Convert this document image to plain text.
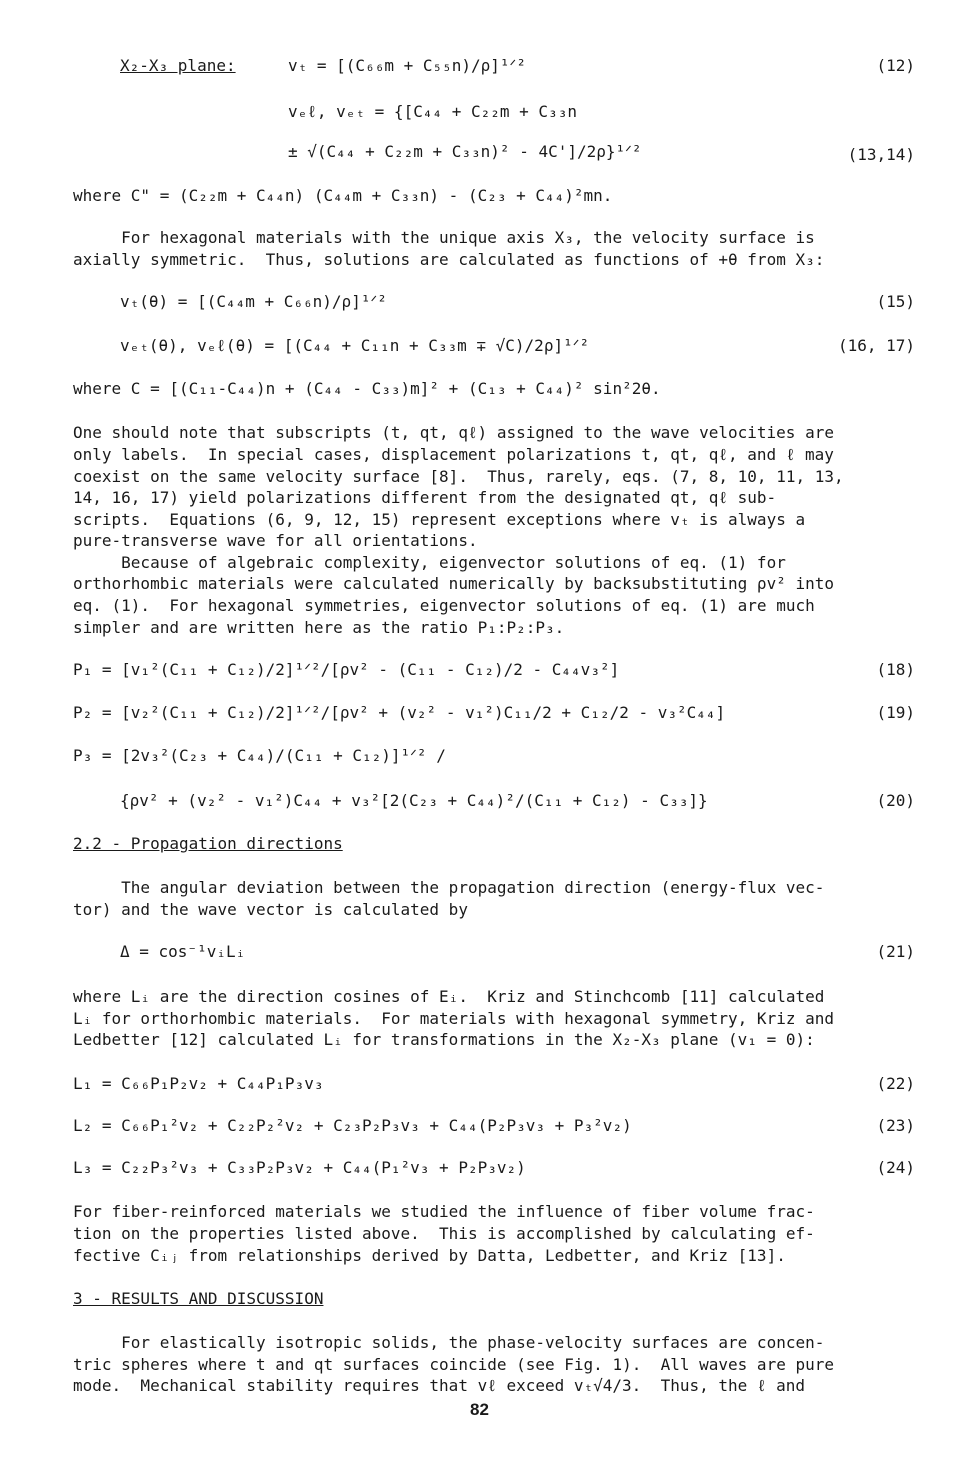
X₂-X₃ plane:	vₜ = [(C₆₆m + C₅₅n)/ρ]¹ᐟ²	(12)
vₑℓ, vₑₜ = {[C₄₄ + C₂₂m + C₃₃n
± √(C₄₄ + C₂₂m + C₃₃n)² - 4C']/2ρ}¹ᐟ²	(13,14)
where C" = (C₂₂m + C₄₄n) (C₄₄m + C₃₃n) - (C₂₃ + C₄₄)²mn.
For hexagonal materials with the unique axis X₃, the velocity surface is
axially symmetric.  Thus, solutions are calculated as functions of +θ from X₃:
vₜ(θ) = [(C₄₄m + C₆₆n)/ρ]¹ᐟ²	(15)
vₑₜ(θ), vₑℓ(θ) = [(C₄₄ + C₁₁n + C₃₃m ∓ √C)/2ρ]¹ᐟ²	(16, 17)
where C = [(C₁₁-C₄₄)n + (C₄₄ - C₃₃)m]² + (C₁₃ + C₄₄)² sin²2θ.
One should note that subscripts (t, qt, qℓ) assigned to the wave velocities are
only labels.  In special cases, displacement polarizations t, qt, qℓ, and ℓ may
coexist on the same velocity surface [8].  Thus, rarely, eqs. (7, 8, 10, 11, 13,
14, 16, 17) yield polarizations different from the designated qt, qℓ sub-
scripts.  Equations (6, 9, 12, 15) represent exceptions where vₜ is always a
pure-transverse wave for all orientations.
Because of algebraic complexity, eigenvector solutions of eq. (1) for
orthorhombic materials were calculated numerically by backsubstituting ρv² into
eq. (1).  For hexagonal symmetries, eigenvector solutions of eq. (1) are much
simpler and are written here as the ratio P₁:P₂:P₃.
P₁ = [v₁²(C₁₁ + C₁₂)/2]¹ᐟ²/[ρv² - (C₁₁ - C₁₂)/2 - C₄₄v₃²]	(18)
P₂ = [v₂²(C₁₁ + C₁₂)/2]¹ᐟ²/[ρv² + (v₂² - v₁²)C₁₁/2 + C₁₂/2 - v₃²C₄₄]	(19)
P₃ = [2v₃²(C₂₃ + C₄₄)/(C₁₁ + C₁₂)]¹ᐟ² /
{ρv² + (v₂² - v₁²)C₄₄ + v₃²[2(C₂₃ + C₄₄)²/(C₁₁ + C₁₂) - C₃₃]}	(20)
2.2 - Propagation directions
The angular deviation between the propagation direction (energy-flux vec-
tor) and the wave vector is calculated by
Δ = cos⁻¹vᵢLᵢ	(21)
where Lᵢ are the direction cosines of Eᵢ.  Kriz and Stinchcomb [11] calculated
Lᵢ for orthorhombic materials.  For materials with hexagonal symmetry, Kriz and
Ledbetter [12] calculated Lᵢ for transformations in the X₂-X₃ plane (v₁ = 0):
L₁ = C₆₆P₁P₂v₂ + C₄₄P₁P₃v₃	(22)
L₂ = C₆₆P₁²v₂ + C₂₂P₂²v₂ + C₂₃P₂P₃v₃ + C₄₄(P₂P₃v₃ + P₃²v₂)	(23)
L₃ = C₂₂P₃²v₃ + C₃₃P₂P₃v₂ + C₄₄(P₁²v₃ + P₂P₃v₂)	(24)
For fiber-reinforced materials we studied the influence of fiber volume frac-
tion on the properties listed above.  This is accomplished by calculating ef-
fective Cᵢⱼ from relationships derived by Datta, Ledbetter, and Kriz [13].
3 - RESULTS AND DISCUSSION
For elastically isotropic solids, the phase-velocity surfaces are concen-
tric spheres where t and qt surfaces coincide (see Fig. 1).  All waves are pure
mode.  Mechanical stability requires that vℓ exceed vₜ√4/3.  Thus, the ℓ and
82
